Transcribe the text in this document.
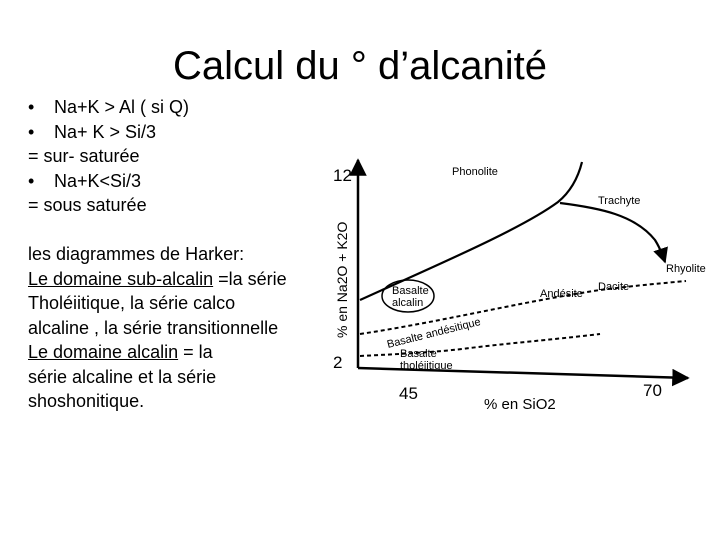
Calcul du ° d’alcanité
• Na+K > Al ( si Q)
• Na+ K > Si/3
= sur- saturée
• Na+K<Si/3
= sous saturée
les diagrammes de Harker:
Le domaine sub-alcalin =la série
Tholéiitique, la série calco
alcaline , la série transitionnelle
Le domaine alcalin = la
série alcaline et la série
shoshonitique.
% en Na2O + K2O
% en SiO2
12
2
45	70
Phonolite
Trachyte
Rhyolite
Basalte
alcalin
Andésite
Dacite
Basalte andésitique
Basalte
tholéiitique
